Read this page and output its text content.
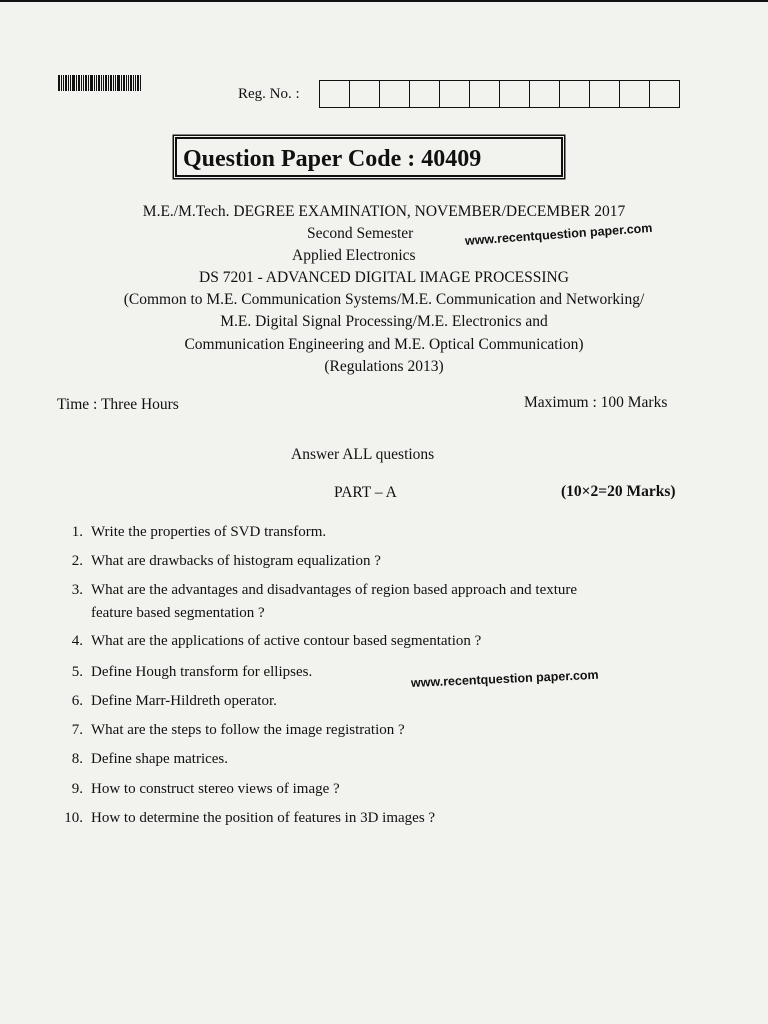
Reg. No. :
Question Paper Code : 40409
M.E./M.Tech. DEGREE EXAMINATION, NOVEMBER/DECEMBER 2017
Second Semester
Applied Electronics
www.recentquestion paper.com
DS 7201 - ADVANCED DIGITAL IMAGE PROCESSING
(Common to M.E. Communication Systems/M.E. Communication and Networking/
M.E. Digital Signal Processing/M.E. Electronics and
Communication Engineering and M.E. Optical Communication)
(Regulations 2013)
Time : Three Hours	Maximum : 100 Marks
Answer ALL questions
PART – A	(10×2=20 Marks)
1. Write the properties of SVD transform.
2. What are drawbacks of histogram equalization ?
3. What are the advantages and disadvantages of region based approach and texture
feature based segmentation ?
4. What are the applications of active contour based segmentation ?
5. Define Hough transform for ellipses.
6. Define Marr-Hildreth operator.
7. What are the steps to follow the image registration ?
8. Define shape matrices.
9. How to construct stereo views of image ?
10. How to determine the position of features in 3D images ?
www.recentquestion paper.com
